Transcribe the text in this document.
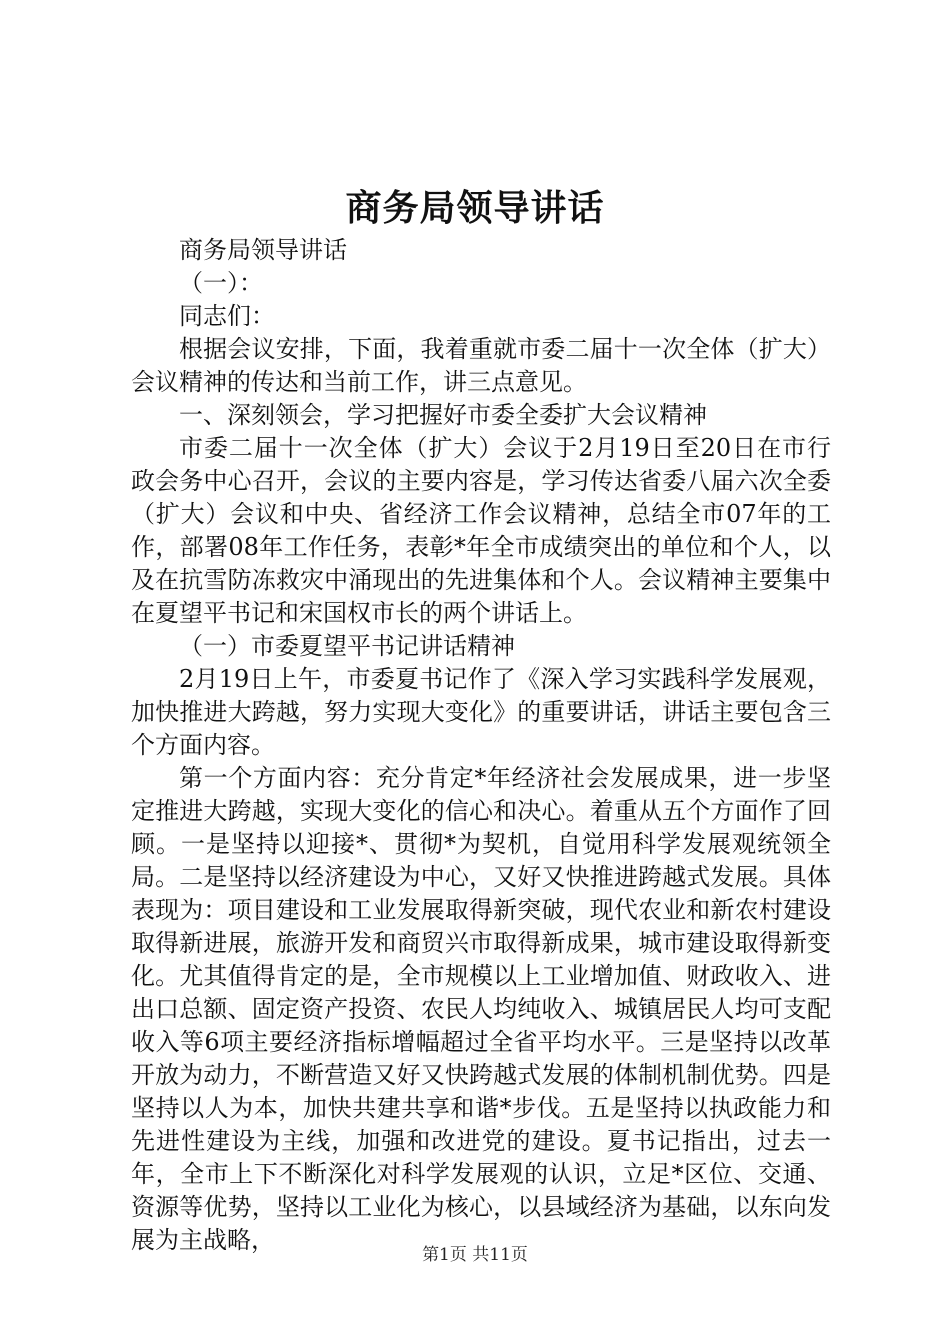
商务局领导讲话

商务局领导讲话

（一）：

同志们：

根据会议安排，下面，我着重就市委二届十一次全体（扩大）会议精神的传达和当前工作，讲三点意见。

一、深刻领会，学习把握好市委全委扩大会议精神

市委二届十一次全体（扩大）会议于2月19日至20日在市行政会务中心召开，会议的主要内容是，学习传达省委八届六次全委（扩大）会议和中央、省经济工作会议精神，总结全市07年的工作，部署08年工作任务，表彰*年全市成绩突出的单位和个人，以及在抗雪防冻救灾中涌现出的先进集体和个人。会议精神主要集中在夏望平书记和宋国权市长的两个讲话上。

（一）市委夏望平书记讲话精神

2月19日上午，市委夏书记作了《深入学习实践科学发展观，加快推进大跨越，努力实现大变化》的重要讲话，讲话主要包含三个方面内容。

第一个方面内容：充分肯定*年经济社会发展成果，进一步坚定推进大跨越，实现大变化的信心和决心。着重从五个方面作了回顾。一是坚持以迎接*、贯彻*为契机，自觉用科学发展观统领全局。二是坚持以经济建设为中心，又好又快推进跨越式发展。具体表现为：项目建设和工业发展取得新突破，现代农业和新农村建设取得新进展，旅游开发和商贸兴市取得新成果，城市建设取得新变化。尤其值得肯定的是，全市规模以上工业增加值、财政收入、进出口总额、固定资产投资、农民人均纯收入、城镇居民人均可支配收入等6项主要经济指标增幅超过全省平均水平。三是坚持以改革开放为动力，不断营造又好又快跨越式发展的体制机制优势。四是坚持以人为本，加快共建共享和谐*步伐。五是坚持以执政能力和先进性建设为主线，加强和改进党的建设。夏书记指出，过去一年，全市上下不断深化对科学发展观的认识，立足*区位、交通、资源等优势，坚持以工业化为核心，以县域经济为基础，以东向发展为主战略，

第1页 共11页
